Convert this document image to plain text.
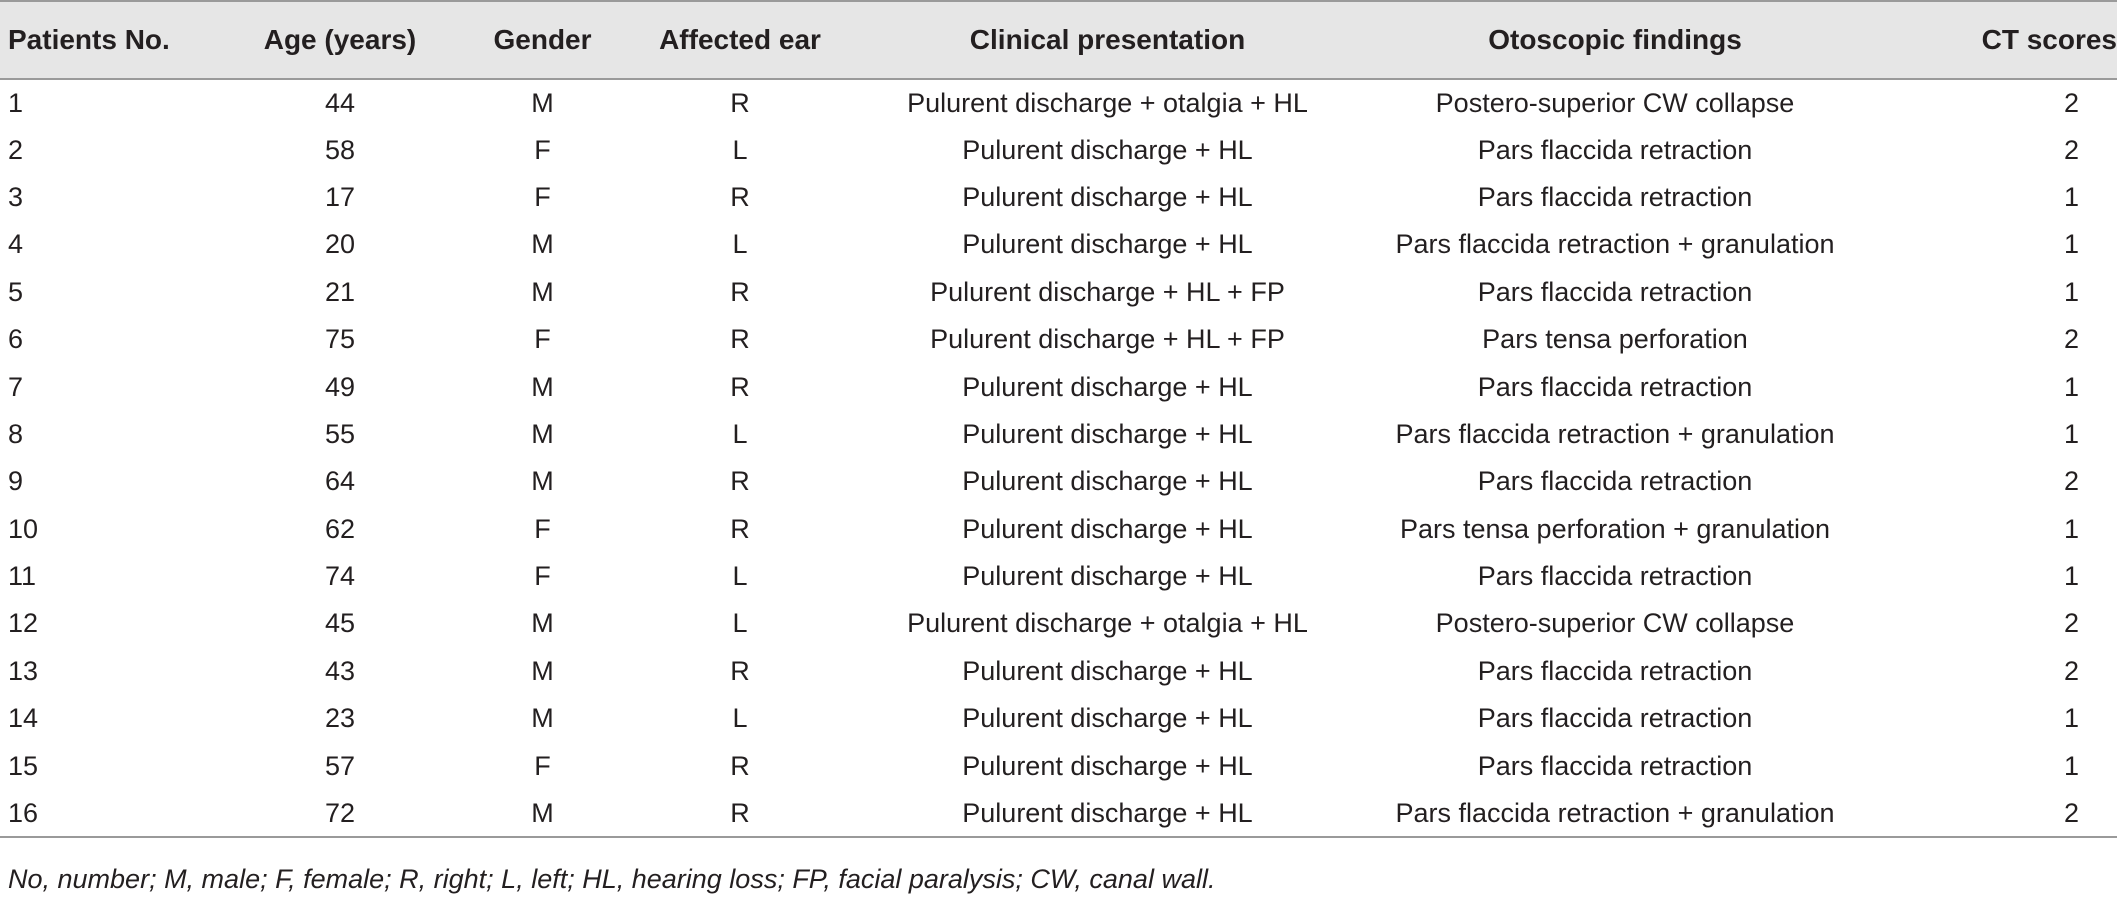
Patients No.	Age (years)	Gender	Affected ear	Clinical presentation	Otoscopic findings	CT scores
1	44	M	R	Pulurent discharge + otalgia + HL	Postero-superior CW collapse	2
2	58	F	L	Pulurent discharge + HL	Pars flaccida retraction	2
3	17	F	R	Pulurent discharge + HL	Pars flaccida retraction	1
4	20	M	L	Pulurent discharge + HL	Pars flaccida retraction + granulation	1
5	21	M	R	Pulurent discharge + HL + FP	Pars flaccida retraction	1
6	75	F	R	Pulurent discharge + HL + FP	Pars tensa perforation	2
7	49	M	R	Pulurent discharge + HL	Pars flaccida retraction	1
8	55	M	L	Pulurent discharge + HL	Pars flaccida retraction + granulation	1
9	64	M	R	Pulurent discharge + HL	Pars flaccida retraction	2
10	62	F	R	Pulurent discharge + HL	Pars tensa perforation + granulation	1
11	74	F	L	Pulurent discharge + HL	Pars flaccida retraction	1
12	45	M	L	Pulurent discharge + otalgia + HL	Postero-superior CW collapse	2
13	43	M	R	Pulurent discharge + HL	Pars flaccida retraction	2
14	23	M	L	Pulurent discharge + HL	Pars flaccida retraction	1
15	57	F	R	Pulurent discharge + HL	Pars flaccida retraction	1
16	72	M	R	Pulurent discharge + HL	Pars flaccida retraction + granulation	2
No, number; M, male; F, female; R, right; L, left; HL, hearing loss; FP, facial paralysis; CW, canal wall.
